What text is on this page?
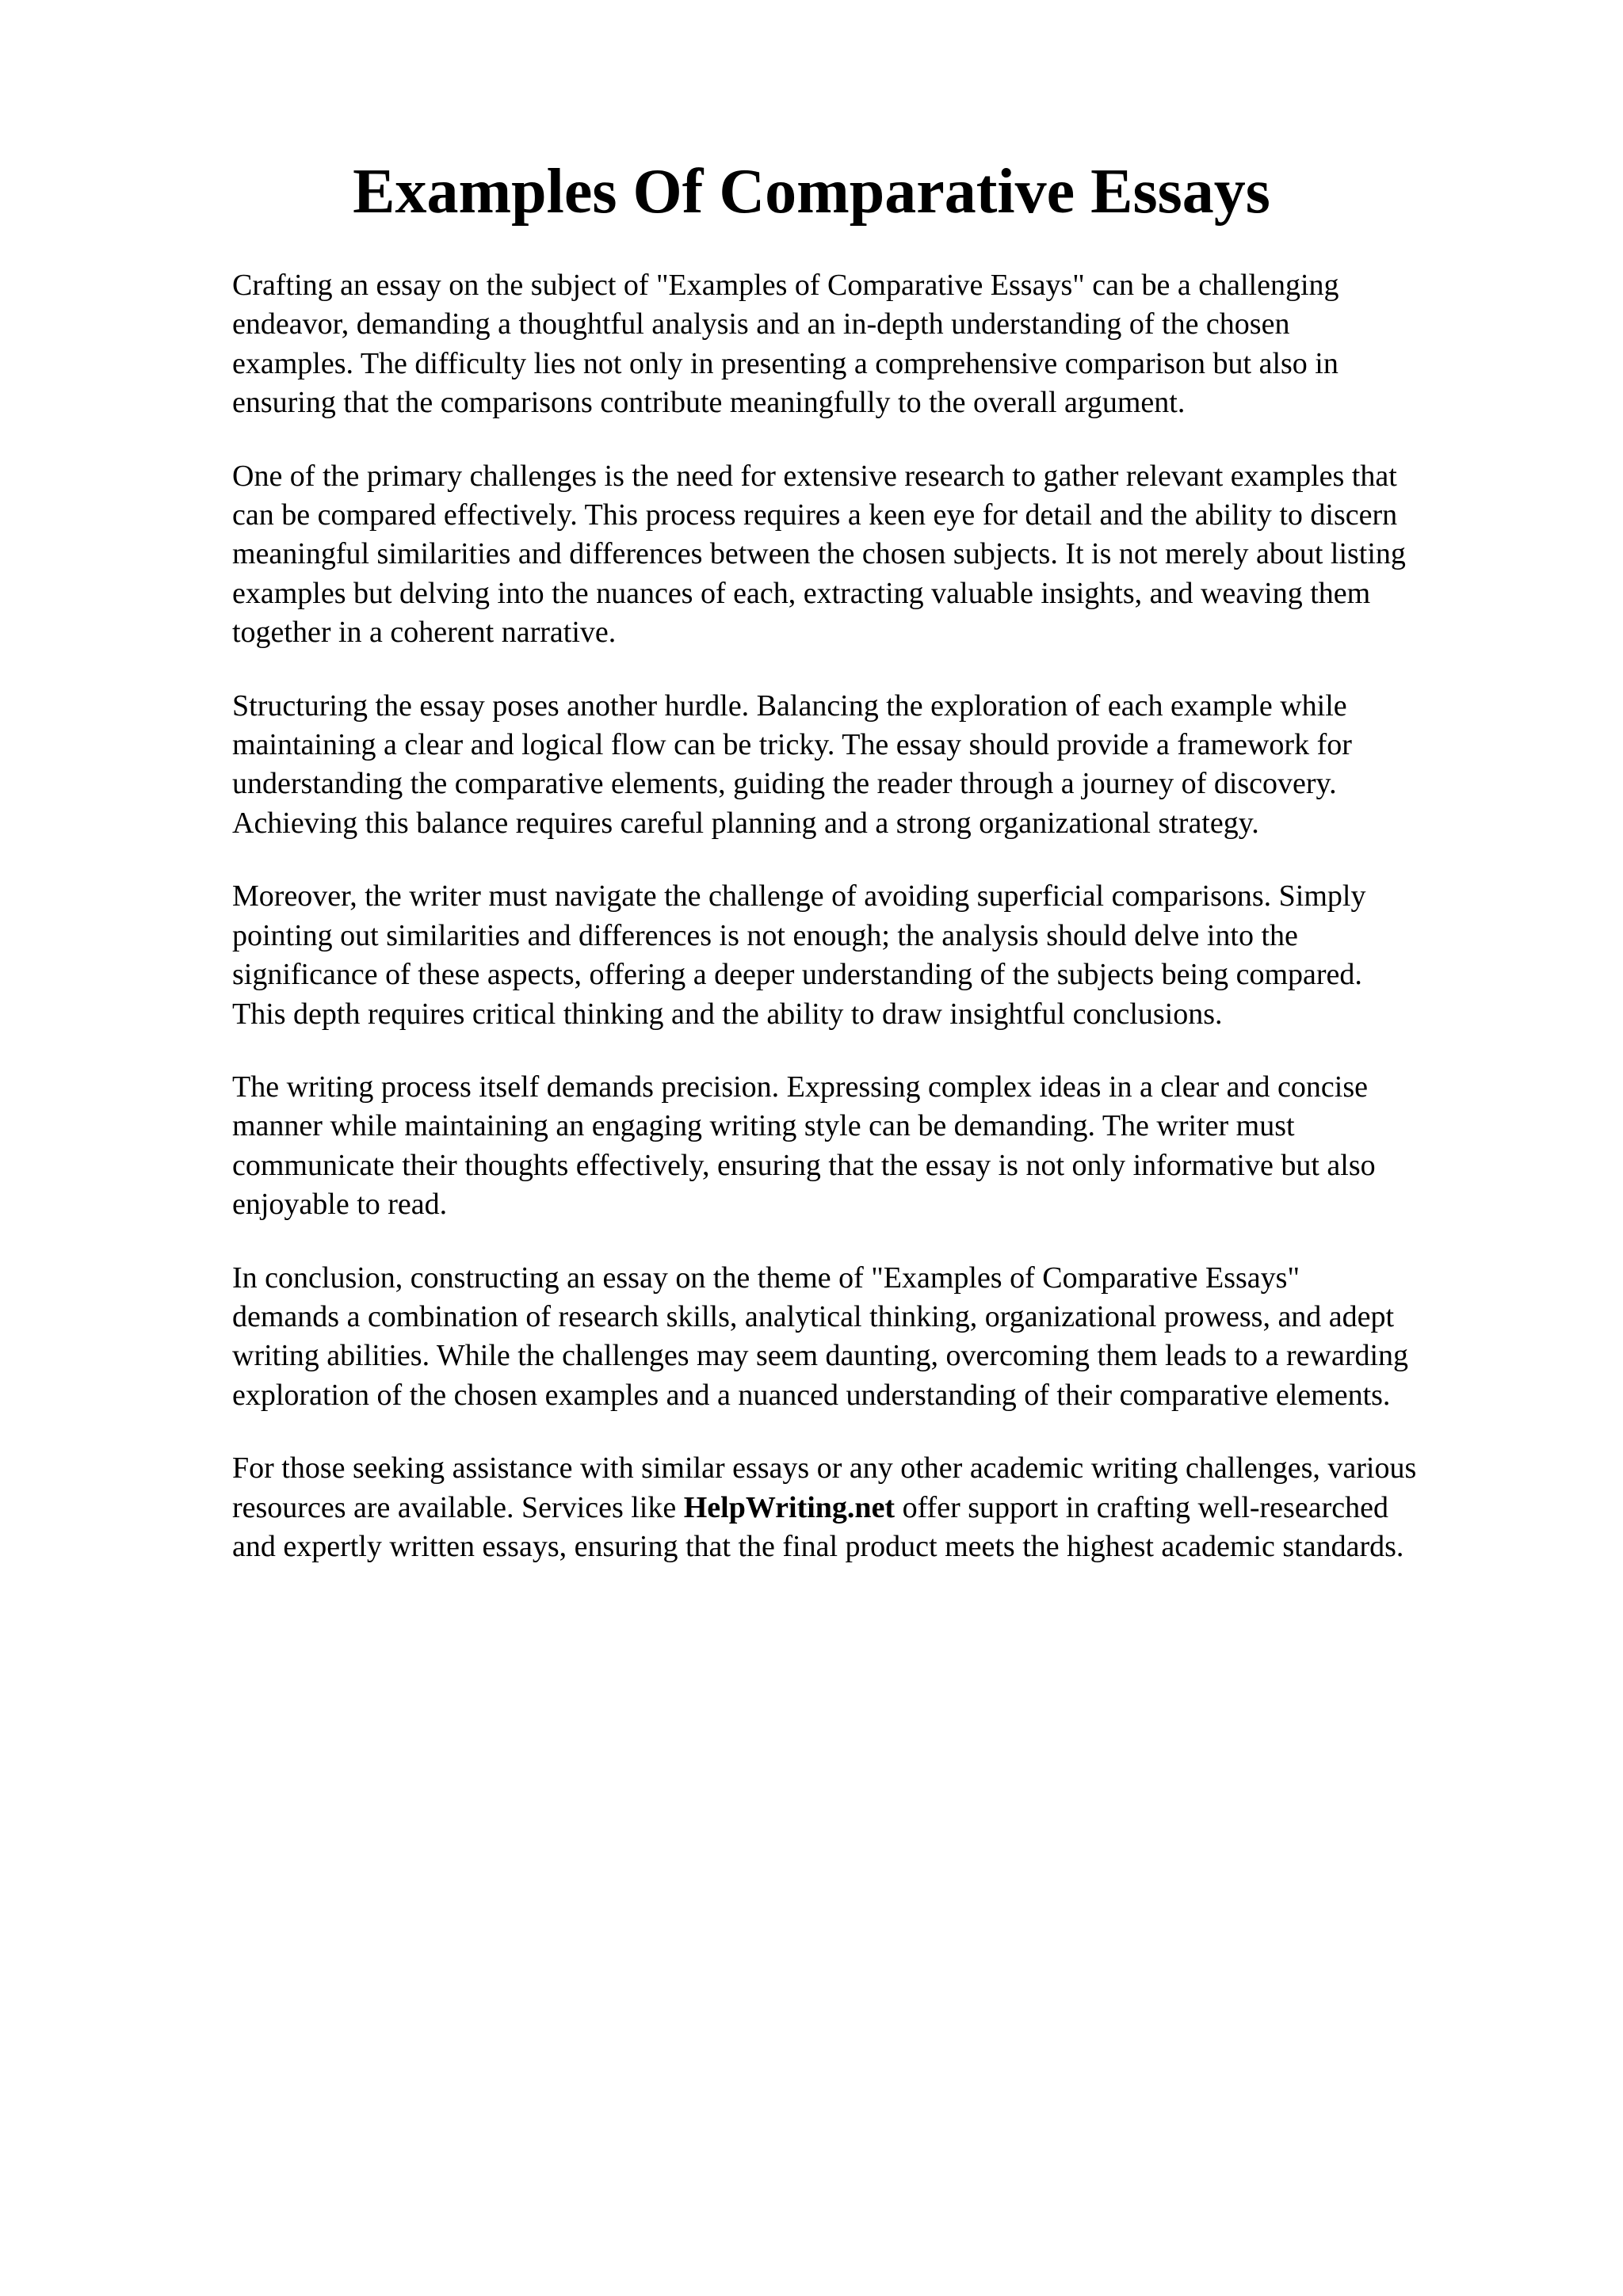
Examples Of Comparative Essays

Crafting an essay on the subject of "Examples of Comparative Essays" can be a challenging
endeavor, demanding a thoughtful analysis and an in-depth understanding of the chosen
examples. The difficulty lies not only in presenting a comprehensive comparison but also in
ensuring that the comparisons contribute meaningfully to the overall argument.

One of the primary challenges is the need for extensive research to gather relevant examples that
can be compared effectively. This process requires a keen eye for detail and the ability to discern
meaningful similarities and differences between the chosen subjects. It is not merely about listing
examples but delving into the nuances of each, extracting valuable insights, and weaving them
together in a coherent narrative.

Structuring the essay poses another hurdle. Balancing the exploration of each example while
maintaining a clear and logical flow can be tricky. The essay should provide a framework for
understanding the comparative elements, guiding the reader through a journey of discovery.
Achieving this balance requires careful planning and a strong organizational strategy.

Moreover, the writer must navigate the challenge of avoiding superficial comparisons. Simply
pointing out similarities and differences is not enough; the analysis should delve into the
significance of these aspects, offering a deeper understanding of the subjects being compared.
This depth requires critical thinking and the ability to draw insightful conclusions.

The writing process itself demands precision. Expressing complex ideas in a clear and concise
manner while maintaining an engaging writing style can be demanding. The writer must
communicate their thoughts effectively, ensuring that the essay is not only informative but also
enjoyable to read.

In conclusion, constructing an essay on the theme of "Examples of Comparative Essays"
demands a combination of research skills, analytical thinking, organizational prowess, and adept
writing abilities. While the challenges may seem daunting, overcoming them leads to a rewarding
exploration of the chosen examples and a nuanced understanding of their comparative elements.

For those seeking assistance with similar essays or any other academic writing challenges, various
resources are available. Services like HelpWriting.net offer support in crafting well-researched
and expertly written essays, ensuring that the final product meets the highest academic standards.
